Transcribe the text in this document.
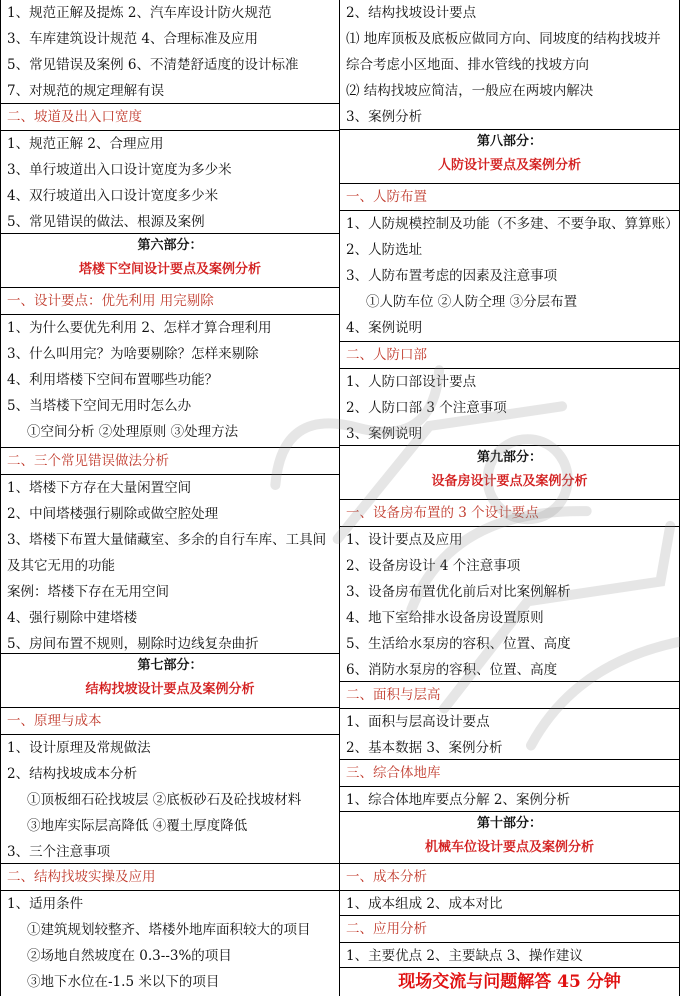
1、规范正解及提炼 2、汽车库设计防火规范
3、车库建筑设计规范 4、合理标准及应用
5、常见错误及案例 6、不清楚舒适度的设计标准
7、对规范的规定理解有误
二、坡道及出入口宽度
1、规范正解 2、合理应用
3、单行坡道出入口设计宽度为多少米
4、双行坡道出入口设计宽度多少米
5、常见错误的做法、根源及案例
第六部分：
塔楼下空间设计要点及案例分析
一、设计要点：优先利用 用完剔除
1、为什么要优先利用 2、怎样才算合理利用
3、什么叫用完？为啥要剔除？怎样来剔除
4、利用塔楼下空间布置哪些功能？
5、当塔楼下空间无用时怎么办
①空间分析 ②处理原则 ③处理方法
二、三个常见错误做法分析
1、塔楼下方存在大量闲置空间
2、中间塔楼强行剔除或做空腔处理
3、塔楼下布置大量储藏室、多余的自行车库、工具间
及其它无用的功能
案例：塔楼下存在无用空间
4、强行剔除中建塔楼
5、房间布置不规则，剔除时边线复杂曲折
第七部分：
结构找坡设计要点及案例分析
一、原理与成本
1、设计原理及常规做法
2、结构找坡成本分析
①顶板细石砼找坡层 ②底板砂石及砼找坡材料
③地库实际层高降低 ④覆土厚度降低
3、三个注意事项
二、结构找坡实操及应用
1、适用条件
①建筑规划较整齐、塔楼外地库面积较大的项目
②场地自然坡度在 0.3--3%的项目
③地下水位在-1.5 米以下的项目
2、结构找坡设计要点
⑴ 地库顶板及底板应做同方向、同坡度的结构找坡并
综合考虑小区地面、排水管线的找坡方向
⑵ 结构找坡应简洁，一般应在两坡内解决
3、案例分析
第八部分：
人防设计要点及案例分析
一、人防布置
1、人防规模控制及功能（不多建、不要争取、算算账）
2、人防选址
3、人防布置考虑的因素及注意事项
①人防车位 ②人防仝理 ③分层布置
4、案例说明
二、人防口部
1、人防口部设计要点
2、人防口部 3 个注意事项
3、案例说明
第九部分：
设备房设计要点及案例分析
一、设备房布置的 3 个设计要点
1、设计要点及应用
2、设备房设计 4 个注意事项
3、设备房布置优化前后对比案例解析
4、地下室给排水设备房设置原则
5、生活给水泵房的容积、位置、高度
6、消防水泵房的容积、位置、高度
二、面积与层高
1、面积与层高设计要点
2、基本数据 3、案例分析
三、综合体地库
1、综合体地库要点分解 2、案例分析
第十部分：
机械车位设计要点及案例分析
一、成本分析
1、成本组成 2、成本对比
二、应用分析
1、主要优点 2、主要缺点 3、操作建议
现场交流与问题解答 45 分钟
